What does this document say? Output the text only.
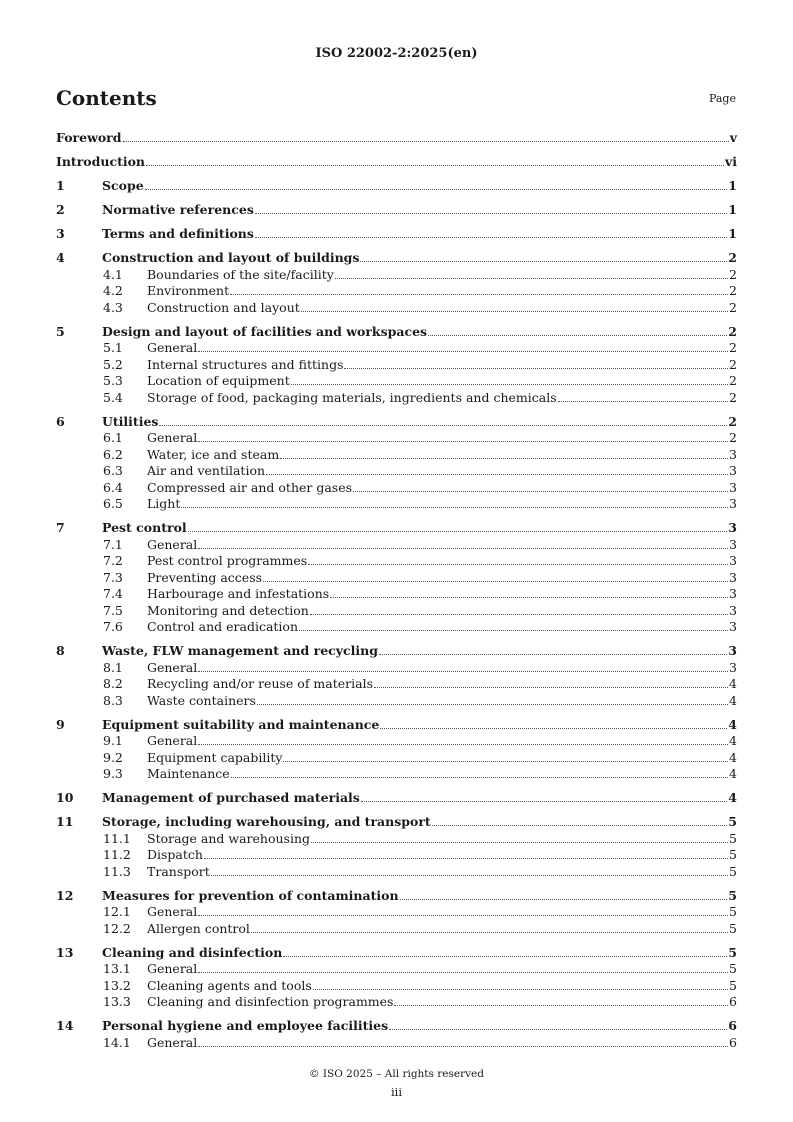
ISO 22002-2:2025(en)
Contents	Page
Foreword	v
Introduction	vi
1	Scope	1
2	Normative references	1
3	Terms and definitions	1
4	Construction and layout of buildings	2
4.1	Boundaries of the site/facility	2
4.2	Environment	2
4.3	Construction and layout	2
5	Design and layout of facilities and workspaces	2
5.1	General	2
5.2	Internal structures and fittings	2
5.3	Location of equipment	2
5.4	Storage of food, packaging materials, ingredients and chemicals	2
6	Utilities	2
6.1	General	2
6.2	Water, ice and steam	3
6.3	Air and ventilation	3
6.4	Compressed air and other gases	3
6.5	Light	3
7	Pest control	3
7.1	General	3
7.2	Pest control programmes	3
7.3	Preventing access	3
7.4	Harbourage and infestations	3
7.5	Monitoring and detection	3
7.6	Control and eradication	3
8	Waste, FLW management and recycling	3
8.1	General	3
8.2	Recycling and/or reuse of materials	4
8.3	Waste containers	4
9	Equipment suitability and maintenance	4
9.1	General	4
9.2	Equipment capability	4
9.3	Maintenance	4
10	Management of purchased materials	4
11	Storage, including warehousing, and transport	5
11.1	Storage and warehousing	5
11.2	Dispatch	5
11.3	Transport	5
12	Measures for prevention of contamination	5
12.1	General	5
12.2	Allergen control	5
13	Cleaning and disinfection	5
13.1	General	5
13.2	Cleaning agents and tools	5
13.3	Cleaning and disinfection programmes	6
14	Personal hygiene and employee facilities	6
14.1	General	6
© ISO 2025 – All rights reserved
iii
